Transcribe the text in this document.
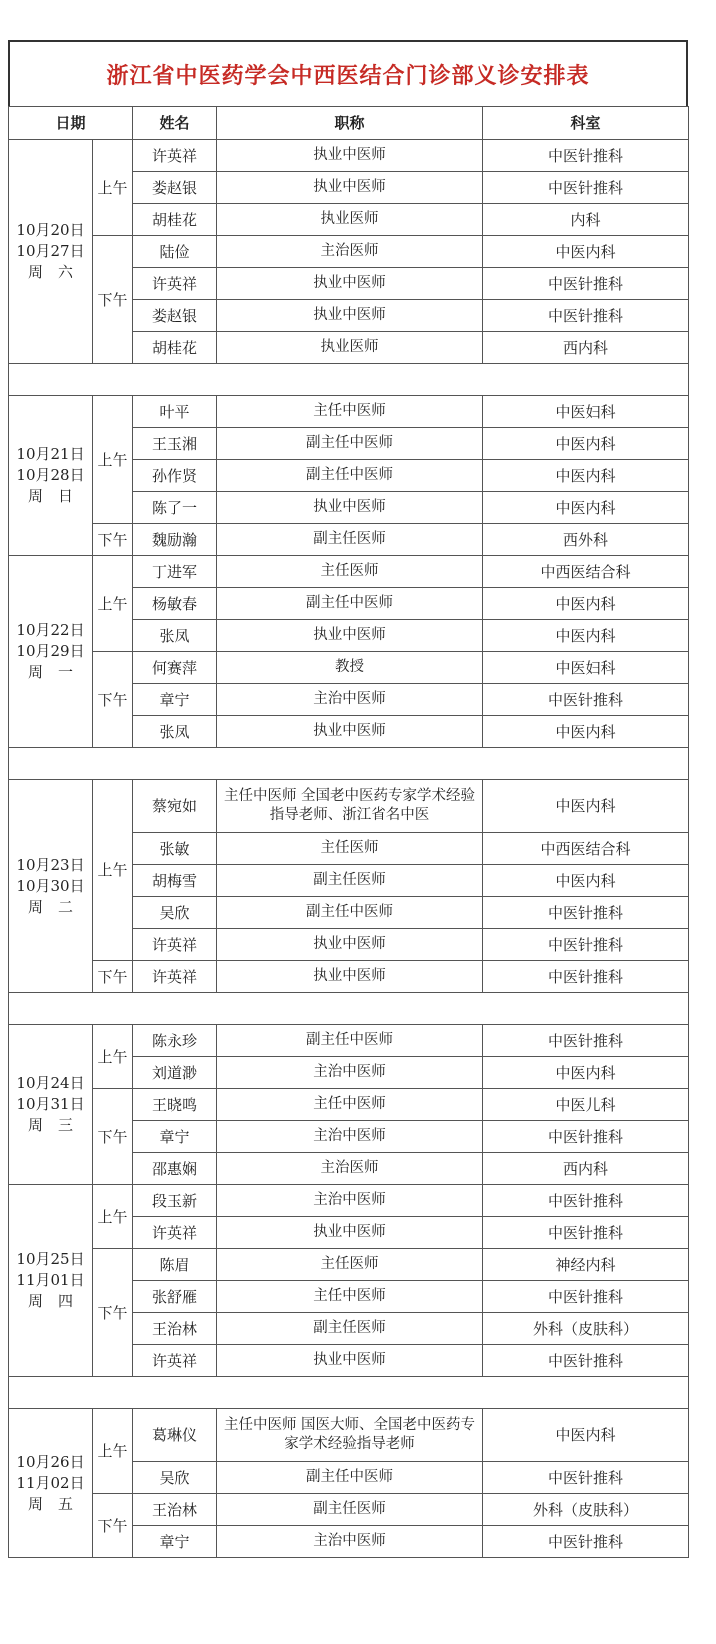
浙江省中医药学会中西医结合门诊部义诊安排表
日期		姓名	职称	科室

10月20日
10月27日
周　六	上午	许英祥	执业中医师	中医针推科
		娄赵银	执业中医师	中医针推科
		胡桂花	执业医师	内科
	下午	陆俭	主治医师	中医内科
		许英祥	执业中医师	中医针推科
		娄赵银	执业中医师	中医针推科
		胡桂花	执业医师	西内科

10月21日
10月28日
周　日	上午	叶平	主任中医师	中医妇科
		王玉湘	副主任中医师	中医内科
		孙作贤	副主任中医师	中医内科
		陈了一	执业中医师	中医内科
	下午	魏励瀚	副主任医师	西外科

10月22日
10月29日
周　一	上午	丁进军	主任医师	中西医结合科
		杨敏春	副主任中医师	中医内科
		张凤	执业中医师	中医内科
	下午	何赛萍	教授	中医妇科
		章宁	主治中医师	中医针推科
		张凤	执业中医师	中医内科

10月23日
10月30日
周　二	上午	蔡宛如	主任中医师 全国老中医药专家学术经验指导老师、浙江省名中医	中医内科
		张敏	主任医师	中西医结合科
		胡梅雪	副主任医师	中医内科
		吴欣	副主任中医师	中医针推科
		许英祥	执业中医师	中医针推科
	下午	许英祥	执业中医师	中医针推科

10月24日
10月31日
周　三	上午	陈永珍	副主任中医师	中医针推科
		刘道渺	主治中医师	中医内科
	下午	王晓鸣	主任中医师	中医儿科
		章宁	主治中医师	中医针推科
		邵惠娴	主治医师	西内科

10月25日
11月01日
周　四	上午	段玉新	主治中医师	中医针推科
		许英祥	执业中医师	中医针推科
	下午	陈眉	主任医师	神经内科
		张舒雁	主任中医师	中医针推科
		王治林	副主任医师	外科（皮肤科）
		许英祥	执业中医师	中医针推科

10月26日
11月02日
周　五	上午	葛琳仪	主任中医师 国医大师、全国老中医药专家学术经验指导老师	中医内科
		吴欣	副主任中医师	中医针推科
	下午	王治林	副主任医师	外科（皮肤科）
		章宁	主治中医师	中医针推科
